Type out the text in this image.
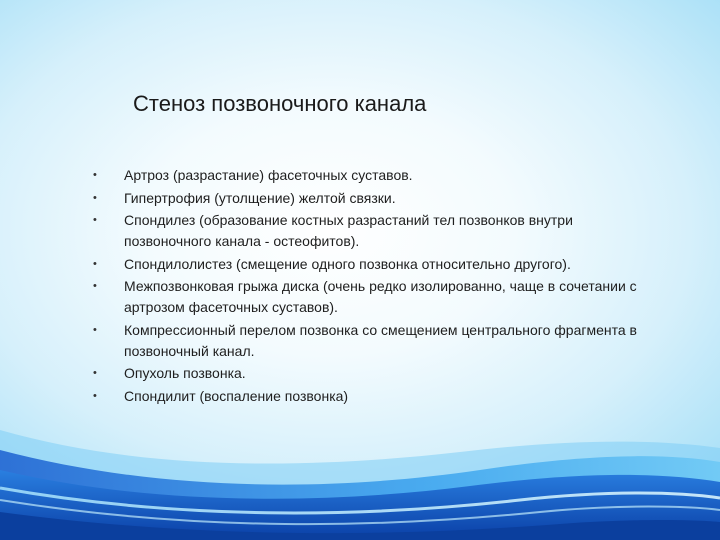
Стеноз позвоночного канала
• Артроз (разрастание) фасеточных суставов.
• Гипертрофия (утолщение) желтой связки.
• Спондилез (образование костных разрастаний тел позвонков внутри позвоночного канала - остеофитов).
• Спондилолистез (смещение одного позвонка относительно другого).
• Межпозвонковая грыжа диска (очень редко изолированно, чаще в сочетании с артрозом фасеточных суставов).
• Компрессионный перелом позвонка со смещением центрального фрагмента в позвоночный канал.
• Опухоль позвонка.
• Спондилит (воспаление позвонка)
